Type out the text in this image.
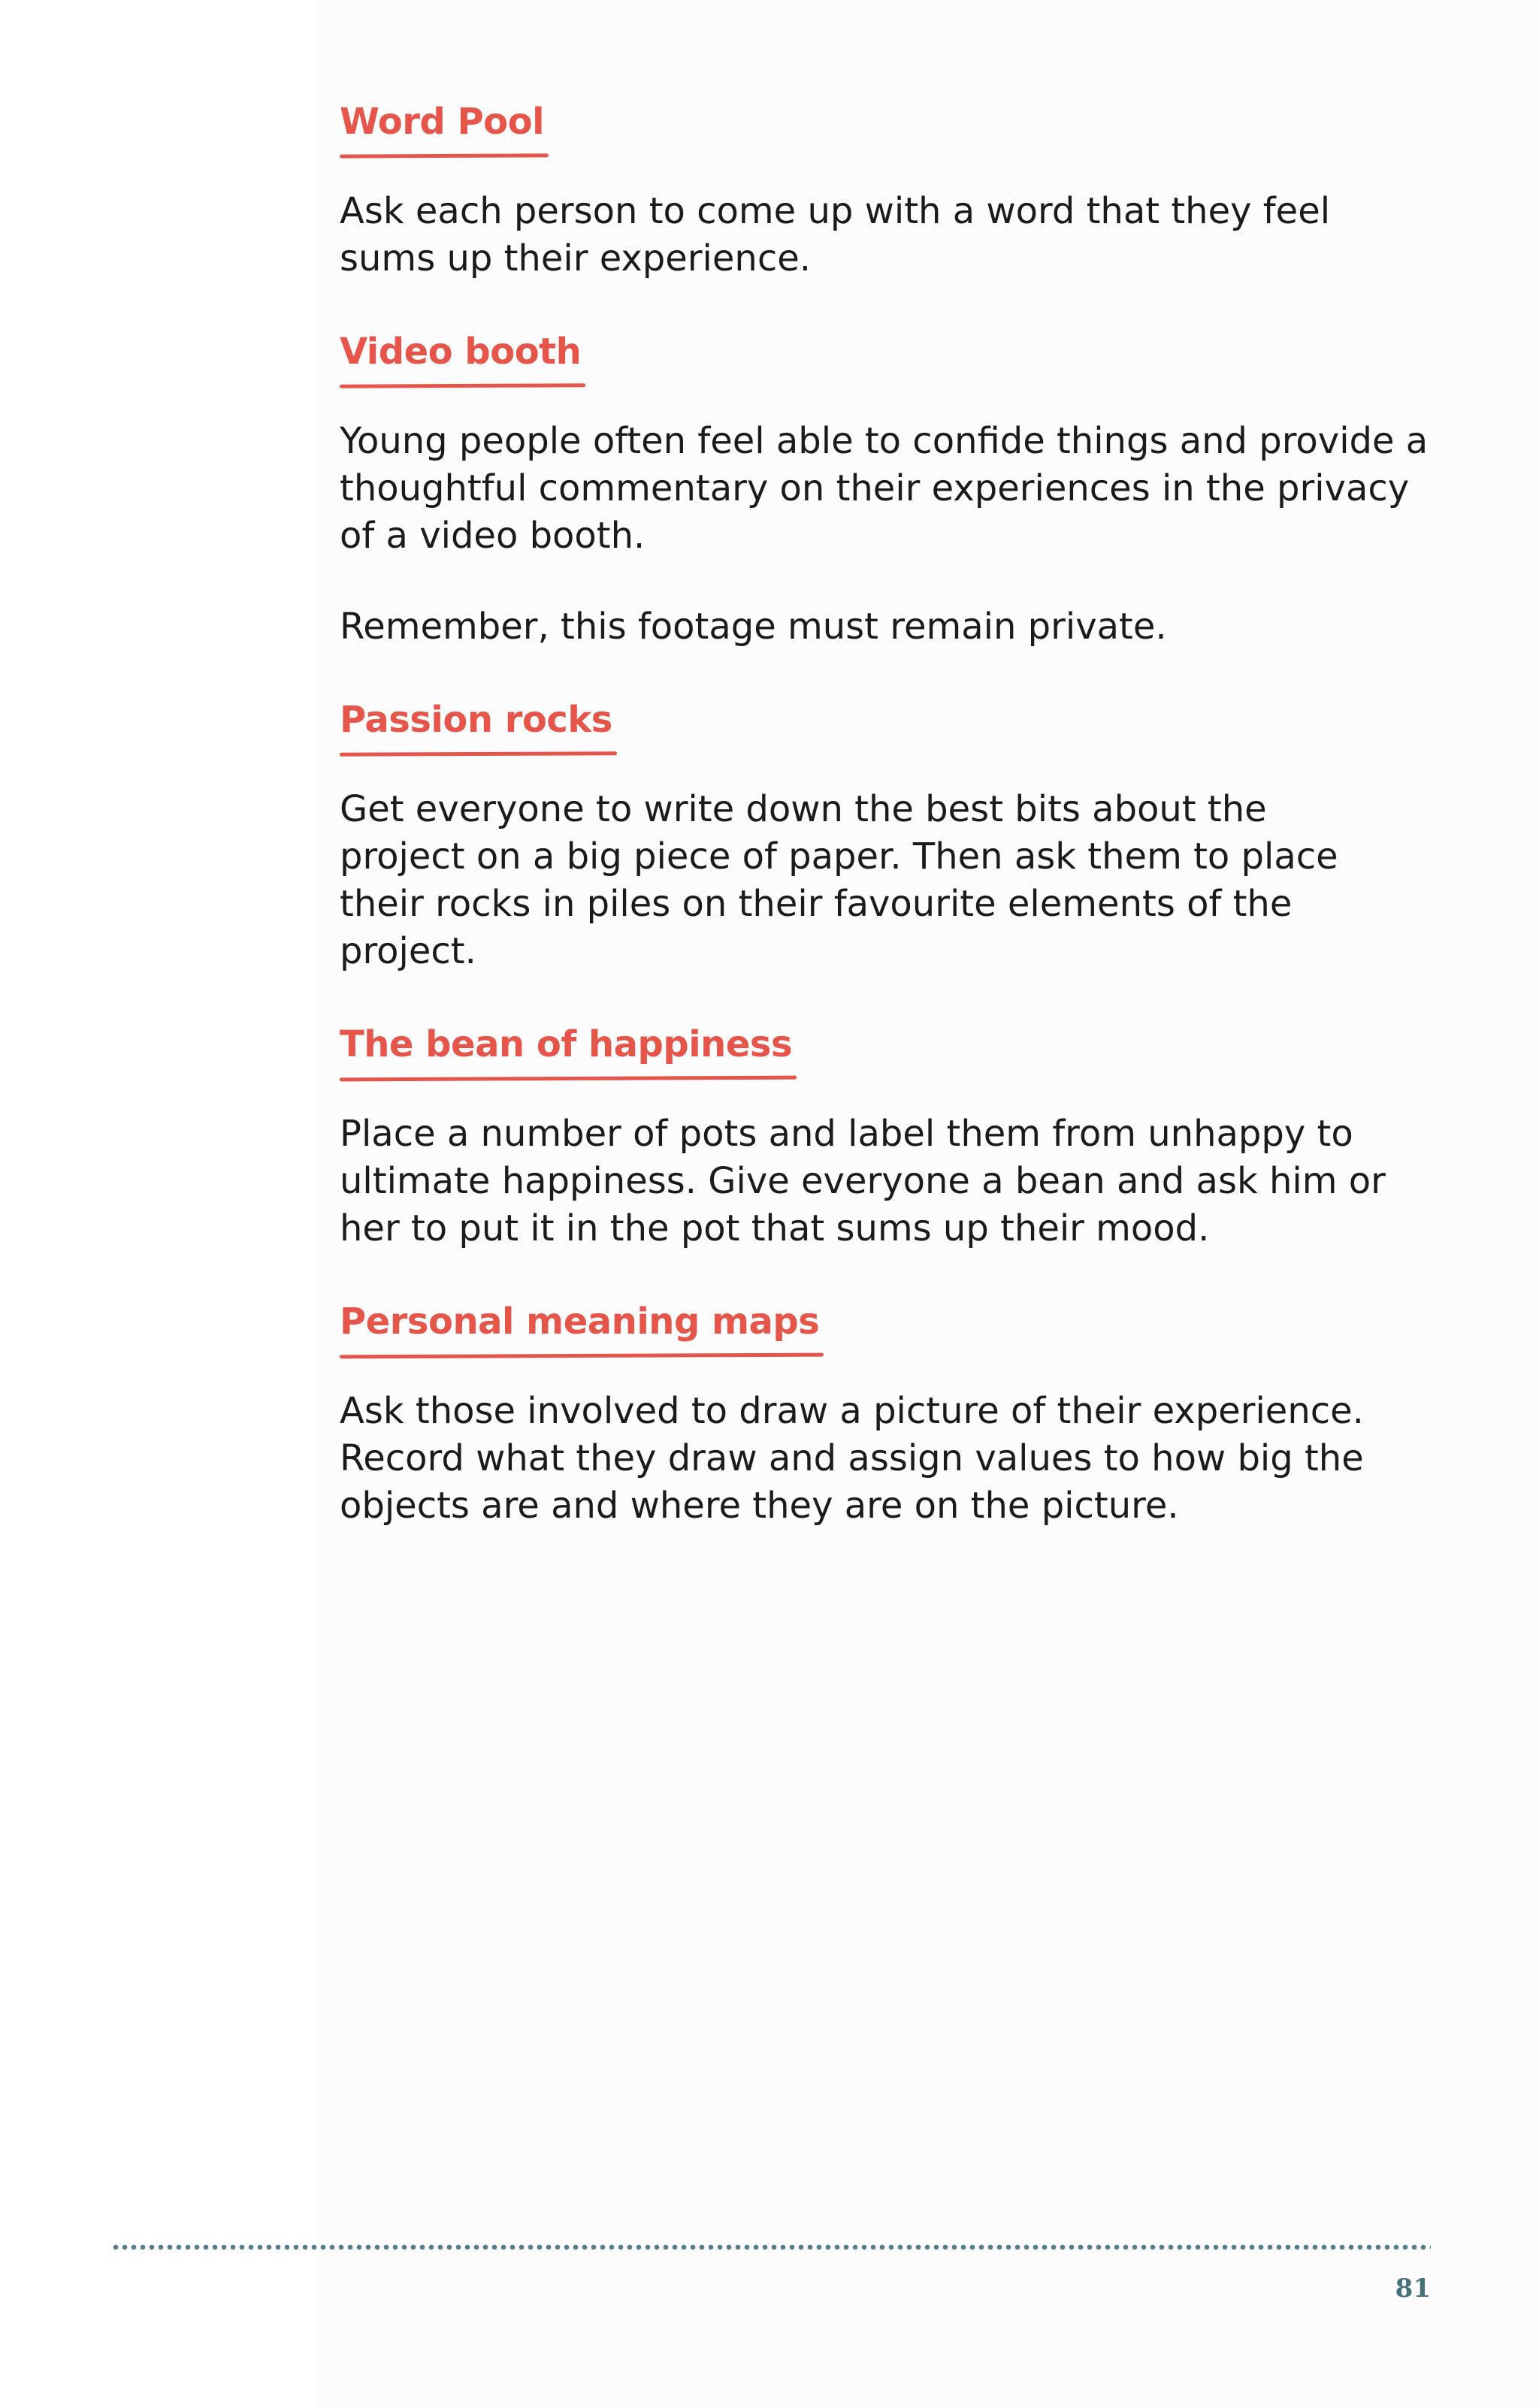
Word Pool

Ask each person to come up with a word that they feel sums up their experience.

Video booth

Young people often feel able to confide things and provide a thoughtful commentary on their experiences in the privacy of a video booth.

Remember, this footage must remain private.

Passion rocks

Get everyone to write down the best bits about the project on a big piece of paper. Then ask them to place their rocks in piles on their favourite elements of the project.

The bean of happiness

Place a number of pots and label them from unhappy to ultimate happiness. Give everyone a bean and ask him or her to put it in the pot that sums up their mood.

Personal meaning maps

Ask those involved to draw a picture of their experience. Record what they draw and assign values to how big the objects are and where they are on the picture.

81
